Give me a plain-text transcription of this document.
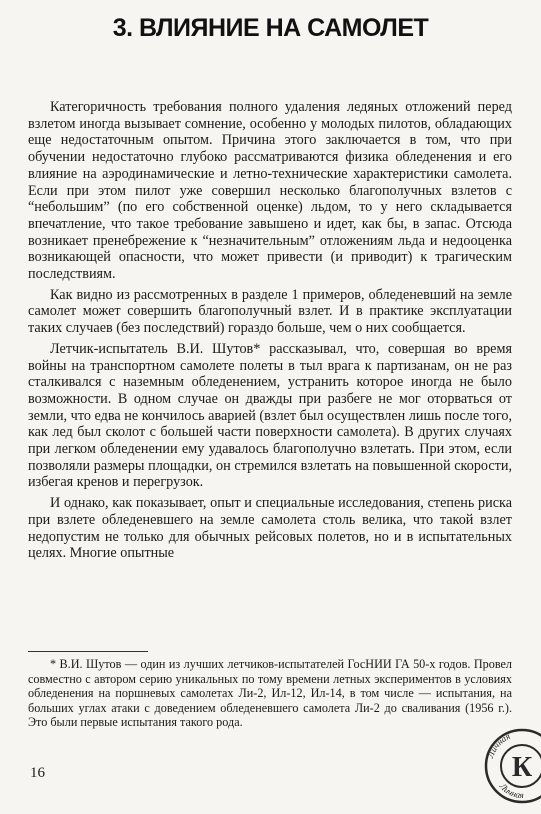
3. ВЛИЯНИЕ НА САМОЛЕТ

Категоричность требования полного удаления ледяных отложений перед взлетом иногда вызывает сомнение, особенно у молодых пилотов, обладающих еще недостаточным опытом. Причина этого заключается в том, что при обучении недостаточно глубоко рассматриваются физика обледенения и его влияние на аэродинамические и летно-технические характеристики самолета. Если при этом пилот уже совершил несколько благополучных взлетов с “небольшим” (по его собственной оценке) льдом, то у него складывается впечатление, что такое требование завышено и идет, как бы, в запас. Отсюда возникает пренебрежение к “незначительным” отложениям льда и недооценка возникающей опасности, что может привести (и приводит) к трагическим последствиям.

Как видно из рассмотренных в разделе 1 примеров, обледеневший на земле самолет может совершить благополучный взлет. И в практике эксплуатации таких случаев (без последствий) гораздо больше, чем о них сообщается.

Летчик-испытатель В.И. Шутов* рассказывал, что, совершая во время войны на транспортном самолете полеты в тыл врага к партизанам, он не раз сталкивался с наземным обледенением, устранить которое иногда не было возможности. В одном случае он дважды при разбеге не мог оторваться от земли, что едва не кончилось аварией (взлет был осуществлен лишь после того, как лед был сколот с большей части поверхности самолета). В других случаях при легком обледенении ему удавалось благополучно взлетать. При этом, если позволяли размеры площадки, он стремился взлетать на повышенной скорости, избегая кренов и перегрузок.

И однако, как показывает, опыт и специальные исследования, степень риска при взлете обледеневшего на земле самолета столь велика, что такой взлет недопустим не только для обычных рейсовых полетов, но и в испытательных целях. Многие опытные

* В.И. Шутов — один из лучших летчиков-испытателей ГосНИИ ГА 50-х годов. Провел совместно с автором серию уникальных по тому времени летных экспериментов в условиях обледенения на поршневых самолетах Ли-2, Ил-12, Ил-14, в том числе — испытания, на больших углах атаки с доведением обледеневшего самолета Ли-2 до сваливания (1956 г.). Это были первые испытания такого рода.

16

Личная
Личная
К
